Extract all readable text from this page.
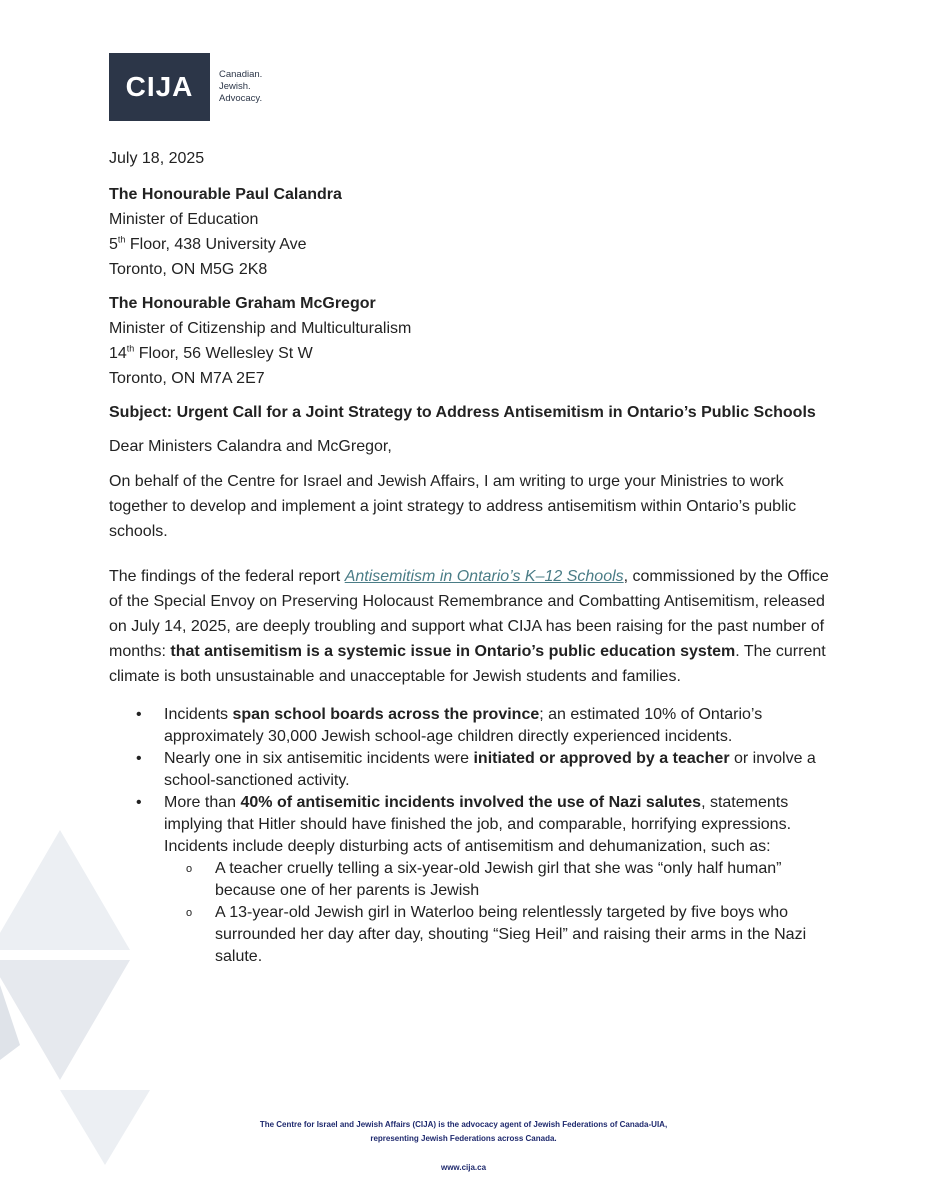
CIJA	Canadian.
Jewish.
Advocacy.

July 18, 2025

The Honourable Paul Calandra
Minister of Education
5th Floor, 438 University Ave
Toronto, ON M5G 2K8
The Honourable Graham McGregor
Minister of Citizenship and Multiculturalism
14th Floor, 56 Wellesley St W
Toronto, ON M7A 2E7

Subject: Urgent Call for a Joint Strategy to Address Antisemitism in Ontario’s Public Schools

Dear Ministers Calandra and McGregor,

On behalf of the Centre for Israel and Jewish Affairs, I am writing to urge your Ministries to work together to develop and implement a joint strategy to address antisemitism within Ontario’s public schools.

The findings of the federal report Antisemitism in Ontario’s K–12 Schools, commissioned by the Office of the Special Envoy on Preserving Holocaust Remembrance and Combatting Antisemitism, released on July 14, 2025, are deeply troubling and support what CIJA has been raising for the past number of months: that antisemitism is a systemic issue in Ontario’s public education system. The current climate is both unsustainable and unacceptable for Jewish students and families.

• Incidents span school boards across the province; an estimated 10% of Ontario’s approximately 30,000 Jewish school-age children directly experienced incidents.
• Nearly one in six antisemitic incidents were initiated or approved by a teacher or involve a school-sanctioned activity.
• More than 40% of antisemitic incidents involved the use of Nazi salutes, statements implying that Hitler should have finished the job, and comparable, horrifying expressions. Incidents include deeply disturbing acts of antisemitism and dehumanization, such as:
o A teacher cruelly telling a six-year-old Jewish girl that she was “only half human” because one of her parents is Jewish
o A 13-year-old Jewish girl in Waterloo being relentlessly targeted by five boys who surrounded her day after day, shouting “Sieg Heil” and raising their arms in the Nazi salute.
The Centre for Israel and Jewish Affairs (CIJA) is the advocacy agent of Jewish Federations of Canada-UIA,
representing Jewish Federations across Canada.
www.cija.ca
